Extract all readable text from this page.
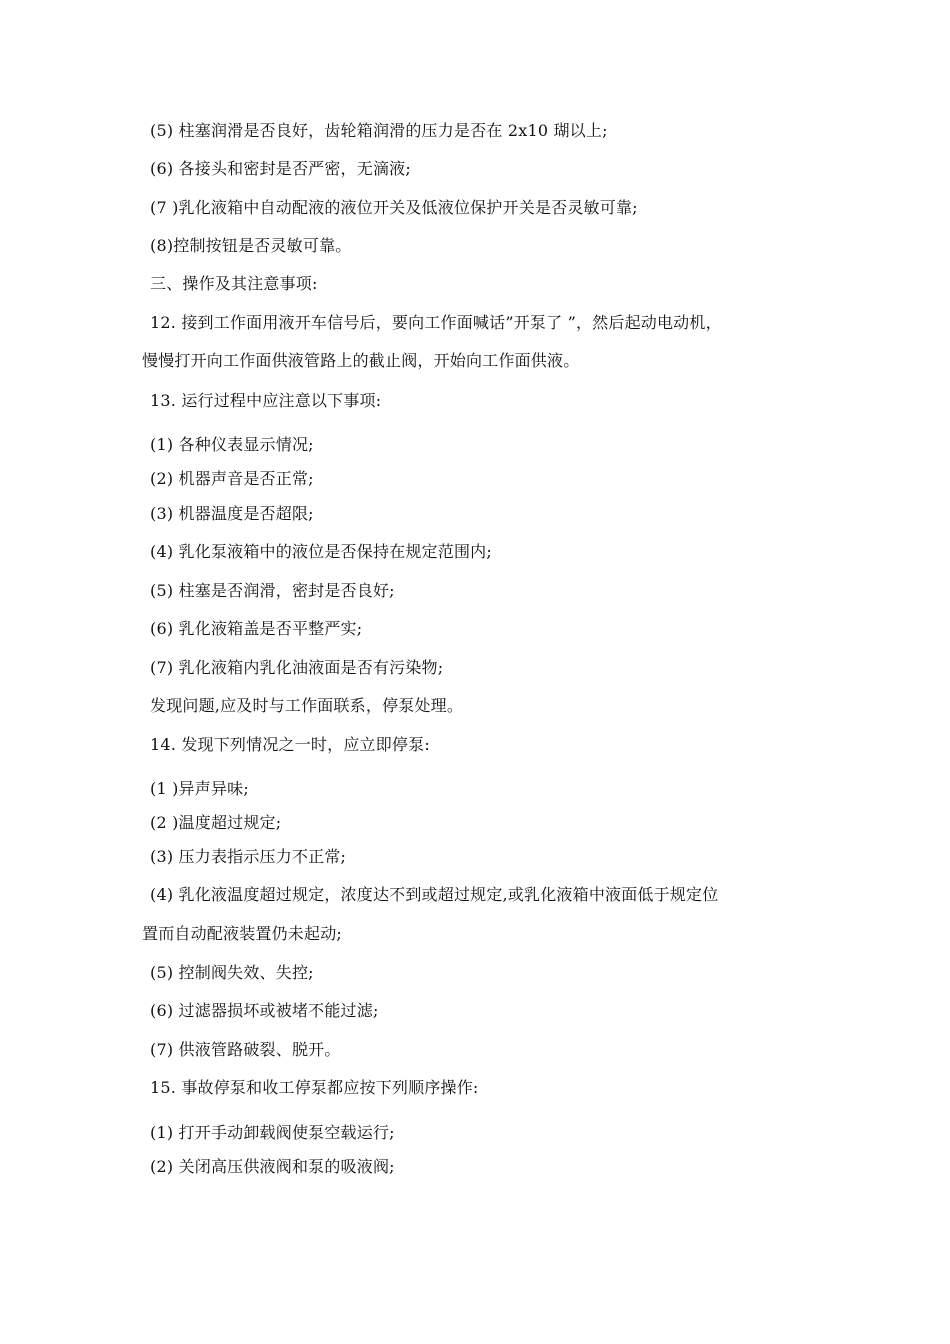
(5) 柱塞润滑是否良好，齿轮箱润滑的压力是否在 2x10 瑚以上;
(6) 各接头和密封是否严密，无滴液;
(7 )乳化液箱中自动配液的液位开关及低液位保护开关是否灵敏可靠;
(8)控制按钮是否灵敏可靠。
三、操作及其注意事项:
12. 接到工作面用液开车信号后，要向工作面喊话”开泵了 ”，然后起动电动机，
慢慢打开向工作面供液管路上的截止阀，开始向工作面供液。
13. 运行过程中应注意以下事项:
(1) 各种仪表显示情况;
(2) 机器声音是否正常;
(3) 机器温度是否超限;
(4) 乳化泵液箱中的液位是否保持在规定范围内;
(5) 柱塞是否润滑，密封是否良好;
(6) 乳化液箱盖是否平整严实;
(7) 乳化液箱内乳化油液面是否有污染物;
发现问题,应及时与工作面联系，停泵处理。
14. 发现下列情况之一时，应立即停泵:
(1 )异声异味;
(2 )温度超过规定;
(3) 压力表指示压力不正常;
(4) 乳化液温度超过规定，浓度达不到或超过规定,或乳化液箱中液面低于规定位
置而自动配液装置仍未起动;
(5) 控制阀失效、失控;
(6) 过滤器损坏或被堵不能过滤;
(7) 供液管路破裂、脱开。
15. 事故停泵和收工停泵都应按下列顺序操作:
(1) 打开手动卸载阀使泵空载运行;
(2) 关闭高压供液阀和泵的吸液阀;
